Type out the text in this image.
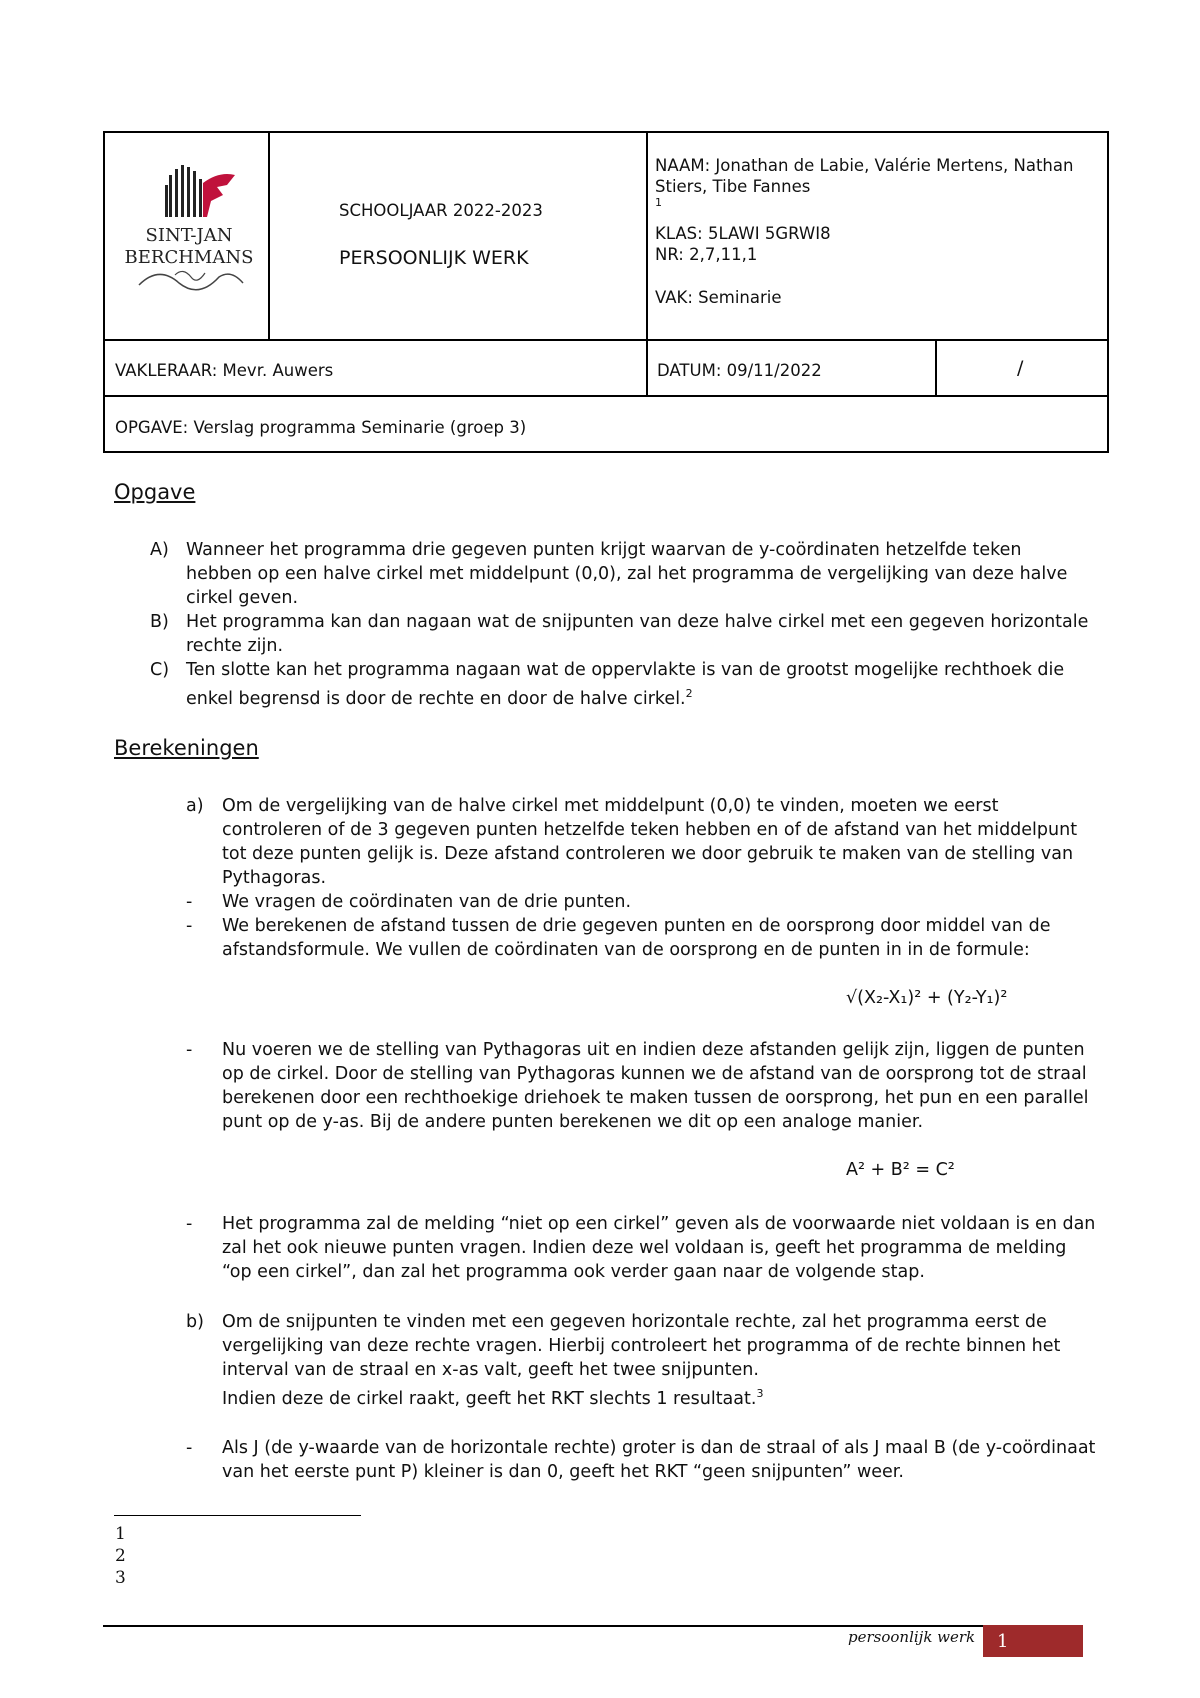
SINT-JAN
BERCHMANS
SCHOOLJAAR 2022-2023
PERSOONLIJK WERK
NAAM: Jonathan de Labie, Valérie Mertens, Nathan Stiers, Tibe Fannes
1
KLAS: 5LAWI 5GRWI8
NR: 2,7,11,1
VAK: Seminarie
VAKLERAAR: Mevr. Auwers	DATUM: 09/11/2022	/
OPGAVE: Verslag programma Seminarie (groep 3)
Opgave
A) Wanneer het programma drie gegeven punten krijgt waarvan de y-coördinaten hetzelfde teken hebben op een halve cirkel met middelpunt (0,0), zal het programma de vergelijking van deze halve cirkel geven.
B) Het programma kan dan nagaan wat de snijpunten van deze halve cirkel met een gegeven horizontale rechte zijn.
C) Ten slotte kan het programma nagaan wat de oppervlakte is van de grootst mogelijke rechthoek die enkel begrensd is door de rechte en door de halve cirkel.$^2$
Berekeningen
a) Om de vergelijking van de halve cirkel met middelpunt (0,0) te vinden, moeten we eerst controleren of de 3 gegeven punten hetzelfde teken hebben en of de afstand van het middelpunt tot deze punten gelijk is. Deze afstand controleren we door gebruik te maken van de stelling van Pythagoras.
- We vragen de coördinaten van de drie punten.
- We berekenen de afstand tussen de drie gegeven punten en de oorsprong door middel van de afstandsformule. We vullen de coördinaten van de oorsprong en de punten in in de formule:
√(X₂-X₁)² + (Y₂-Y₁)²
- Nu voeren we de stelling van Pythagoras uit en indien deze afstanden gelijk zijn, liggen de punten op de cirkel. Door de stelling van Pythagoras kunnen we de afstand van de oorsprong tot de straal berekenen door een rechthoekige driehoek te maken tussen de oorsprong, het pun en een parallel punt op de y-as. Bij de andere punten berekenen we dit op een analoge manier.
A² + B² = C²
- Het programma zal de melding “niet op een cirkel” geven als de voorwaarde niet voldaan is en dan zal het ook nieuwe punten vragen. Indien deze wel voldaan is, geeft het programma de melding “op een cirkel”, dan zal het programma ook verder gaan naar de volgende stap.
b) Om de snijpunten te vinden met een gegeven horizontale rechte, zal het programma eerst de vergelijking van deze rechte vragen. Hierbij controleert het programma of de rechte binnen het interval van de straal en x-as valt, geeft het twee snijpunten.
Indien deze de cirkel raakt, geeft het RKT slechts 1 resultaat.$^3$
- Als J (de y-waarde van de horizontale rechte) groter is dan de straal of als J maal B (de y-coördinaat van het eerste punt P) kleiner is dan 0, geeft het RKT “geen snijpunten” weer.
1
2
3
persoonlijk werk	1
